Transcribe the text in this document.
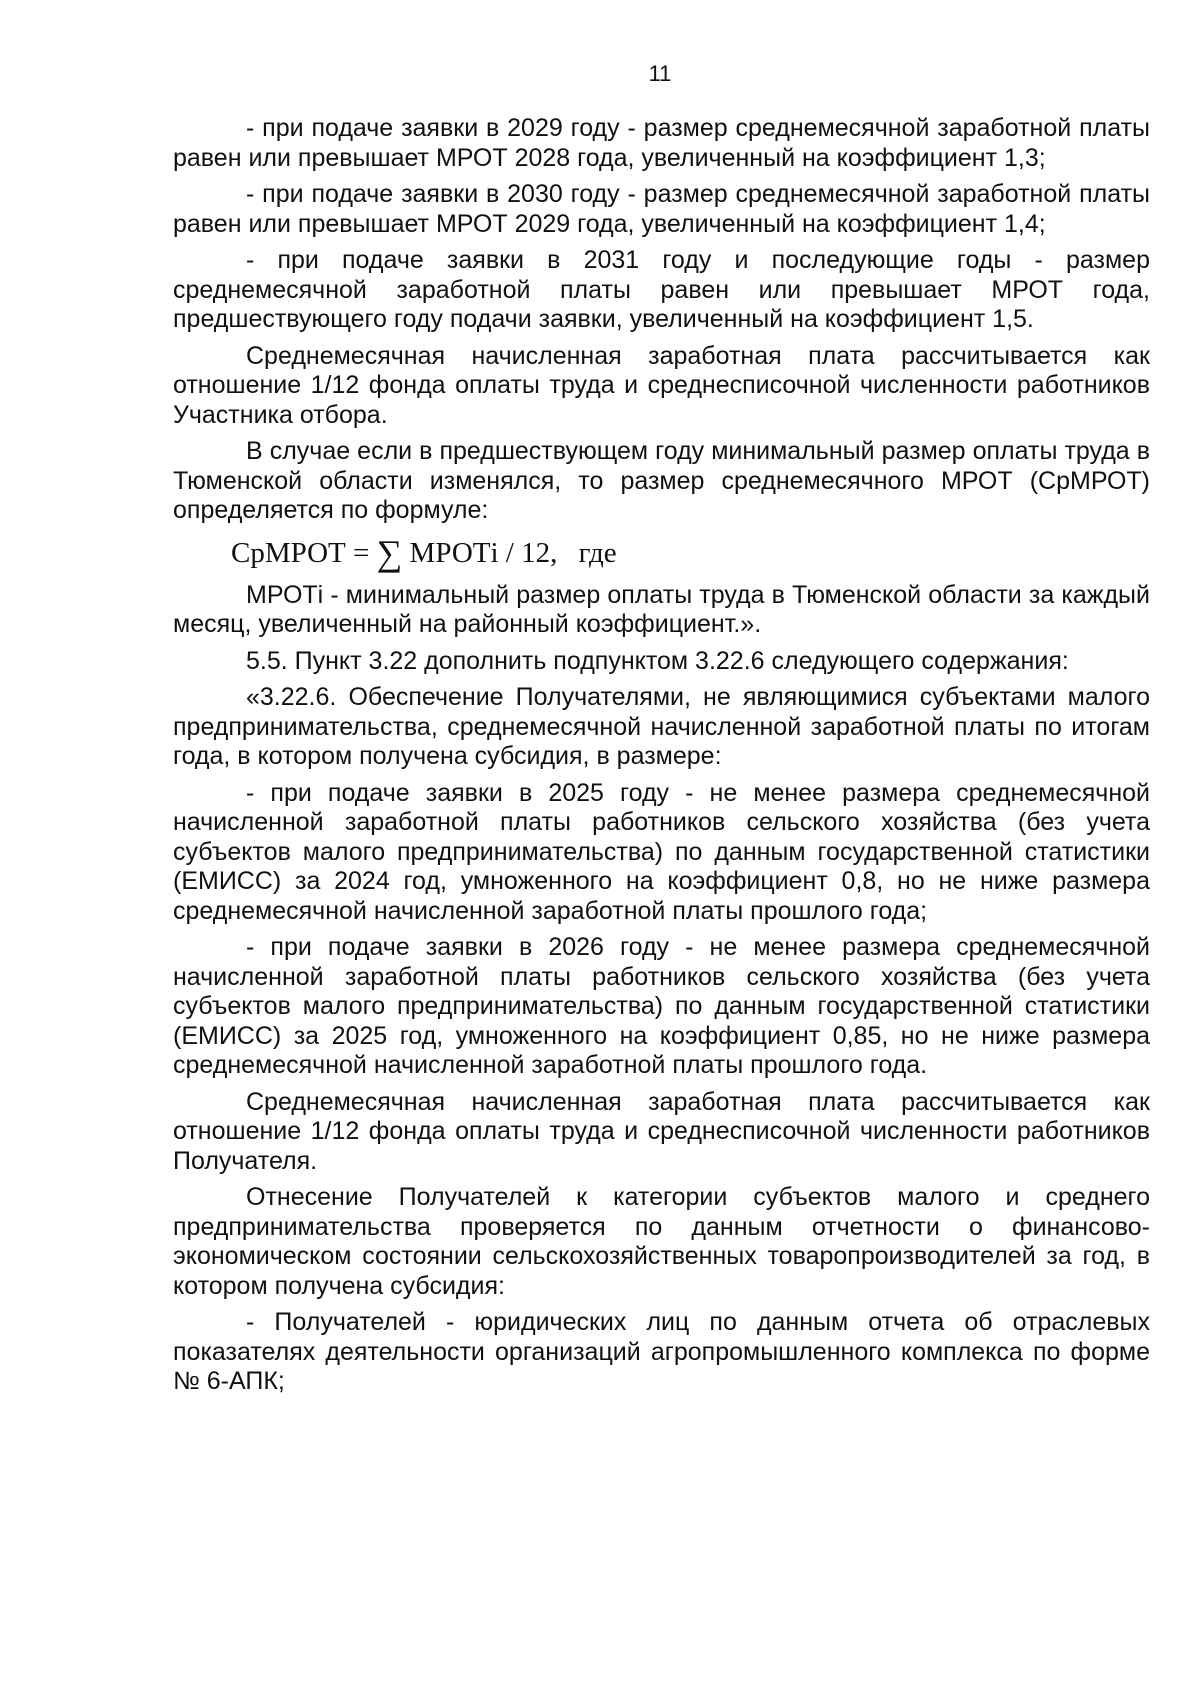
11

- при подаче заявки в 2029 году - размер среднемесячной заработной платы равен или превышает МРОТ 2028 года, увеличенный на коэффициент 1,3;

- при подаче заявки в 2030 году - размер среднемесячной заработной платы равен или превышает МРОТ 2029 года, увеличенный на коэффициент 1,4;

- при подаче заявки в 2031 году и последующие годы - размер среднемесячной заработной платы равен или превышает МРОТ года, предшествующего году подачи заявки, увеличенный на коэффициент 1,5.

Среднемесячная начисленная заработная плата рассчитывается как отношение 1/12 фонда оплаты труда и среднесписочной численности работников Участника отбора.

В случае если в предшествующем году минимальный размер оплаты труда в Тюменской области изменялся, то размер среднемесячного МРОТ (СрМРОТ) определяется по формуле:

СрМРОТ = ∑ МРОТi / 12, где

МРОТi - минимальный размер оплаты труда в Тюменской области за каждый месяц, увеличенный на районный коэффициент.».

5.5. Пункт 3.22 дополнить подпунктом 3.22.6 следующего содержания:

«3.22.6. Обеспечение Получателями, не являющимися субъектами малого предпринимательства, среднемесячной начисленной заработной платы по итогам года, в котором получена субсидия, в размере:

- при подаче заявки в 2025 году - не менее размера среднемесячной начисленной заработной платы работников сельского хозяйства (без учета субъектов малого предпринимательства) по данным государственной статистики (ЕМИСС) за 2024 год, умноженного на коэффициент 0,8, но не ниже размера среднемесячной начисленной заработной платы прошлого года;

- при подаче заявки в 2026 году - не менее размера среднемесячной начисленной заработной платы работников сельского хозяйства (без учета субъектов малого предпринимательства) по данным государственной статистики (ЕМИСС) за 2025 год, умноженного на коэффициент 0,85, но не ниже размера среднемесячной начисленной заработной платы прошлого года.

Среднемесячная начисленная заработная плата рассчитывается как отношение 1/12 фонда оплаты труда и среднесписочной численности работников Получателя.

Отнесение Получателей к категории субъектов малого и среднего предпринимательства проверяется по данным отчетности о финансово-экономическом состоянии сельскохозяйственных товаропроизводителей за год, в котором получена субсидия:

- Получателей - юридических лиц по данным отчета об отраслевых показателях деятельности организаций агропромышленного комплекса по форме № 6-АПК;
